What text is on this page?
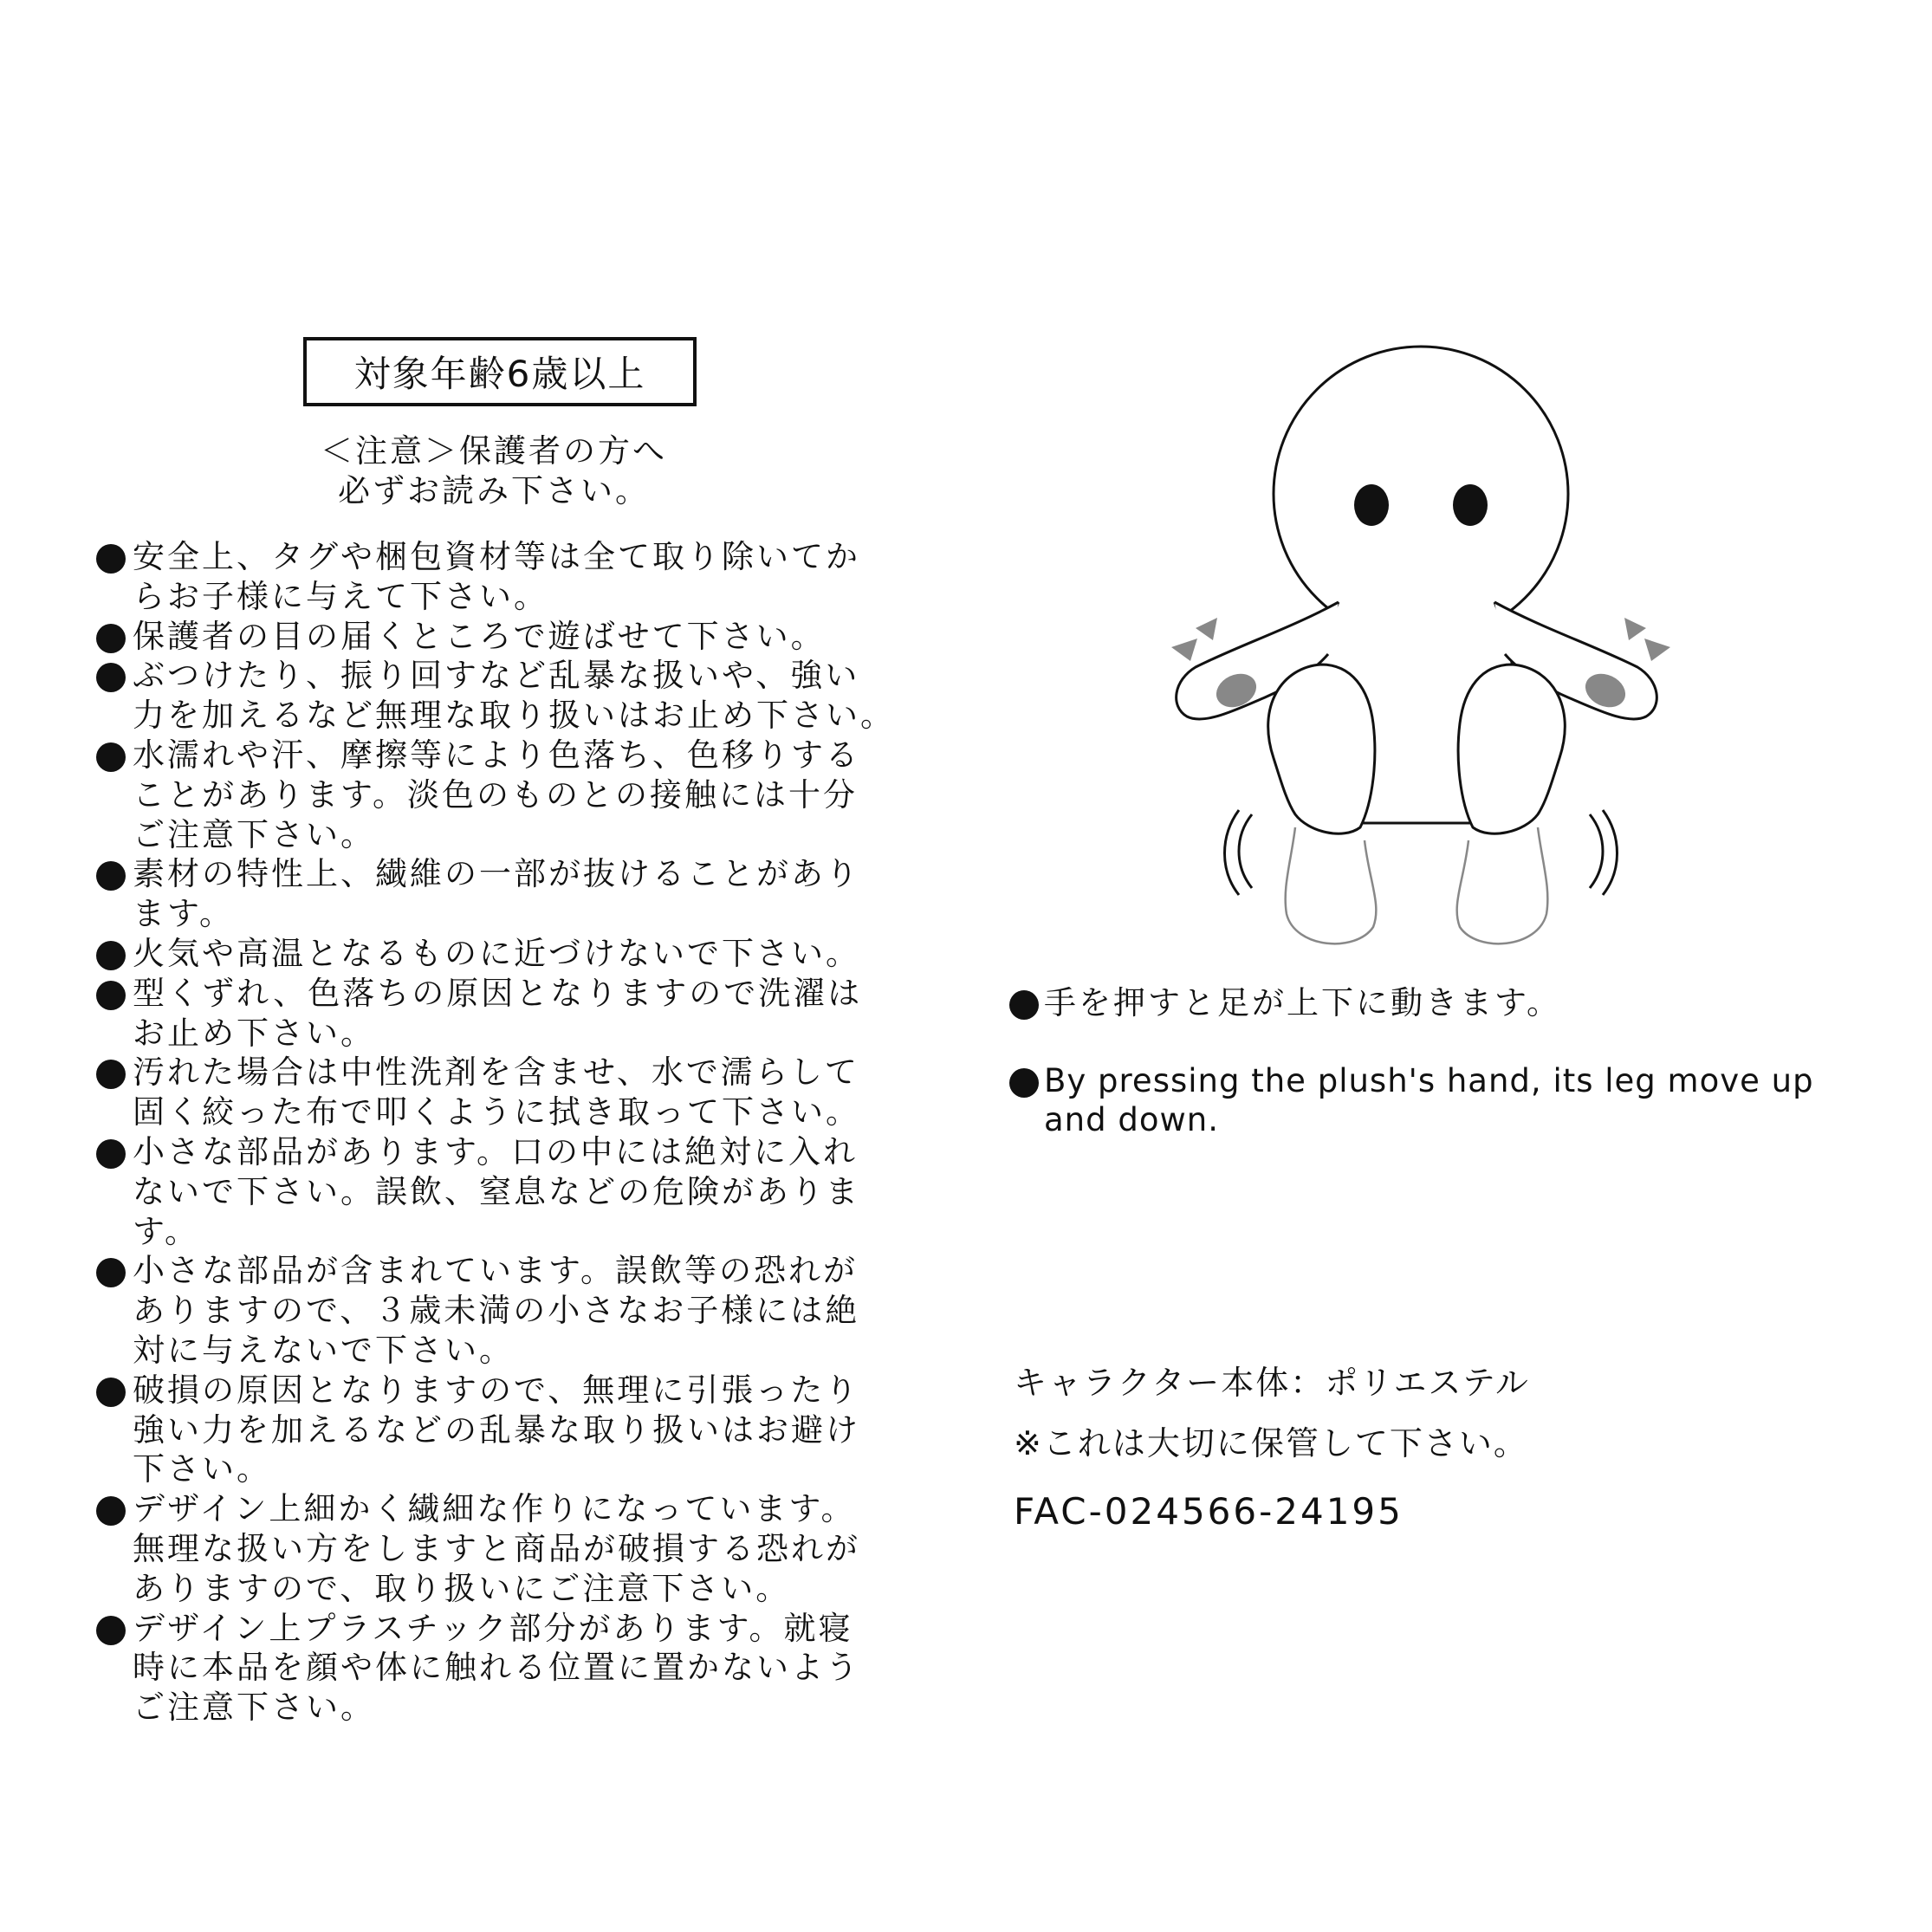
対象年齢6歳以上
＜注意＞保護者の方へ
必ずお読み下さい。
安全上、タグや梱包資材等は全て取り除いてか
らお子様に与えて下さい。
保護者の目の届くところで遊ばせて下さい。
ぶつけたり、振り回すなど乱暴な扱いや、強い
力を加えるなど無理な取り扱いはお止め下さい。
水濡れや汗、摩擦等により色落ち、色移りする
ことがあります。淡色のものとの接触には十分
ご注意下さい。
素材の特性上、繊維の一部が抜けることがあり
ます。
火気や高温となるものに近づけないで下さい。
型くずれ、色落ちの原因となりますので洗濯は
お止め下さい。
汚れた場合は中性洗剤を含ませ、水で濡らして
固く絞った布で叩くように拭き取って下さい。
小さな部品があります。口の中には絶対に入れ
ないで下さい。誤飲、窒息などの危険がありま
す。
小さな部品が含まれています。誤飲等の恐れが
ありますので、３歳未満の小さなお子様には絶
対に与えないで下さい。
破損の原因となりますので、無理に引張ったり
強い力を加えるなどの乱暴な取り扱いはお避け
下さい。
デザイン上細かく繊細な作りになっています。
無理な扱い方をしますと商品が破損する恐れが
ありますので、取り扱いにご注意下さい。
デザイン上プラスチック部分があります。就寝
時に本品を顔や体に触れる位置に置かないよう
ご注意下さい。
手を押すと足が上下に動きます。
By pressing the plush's hand, its leg move up
and down.
キャラクター本体：ポリエステル
※これは大切に保管して下さい。
FAC-024566-24195
